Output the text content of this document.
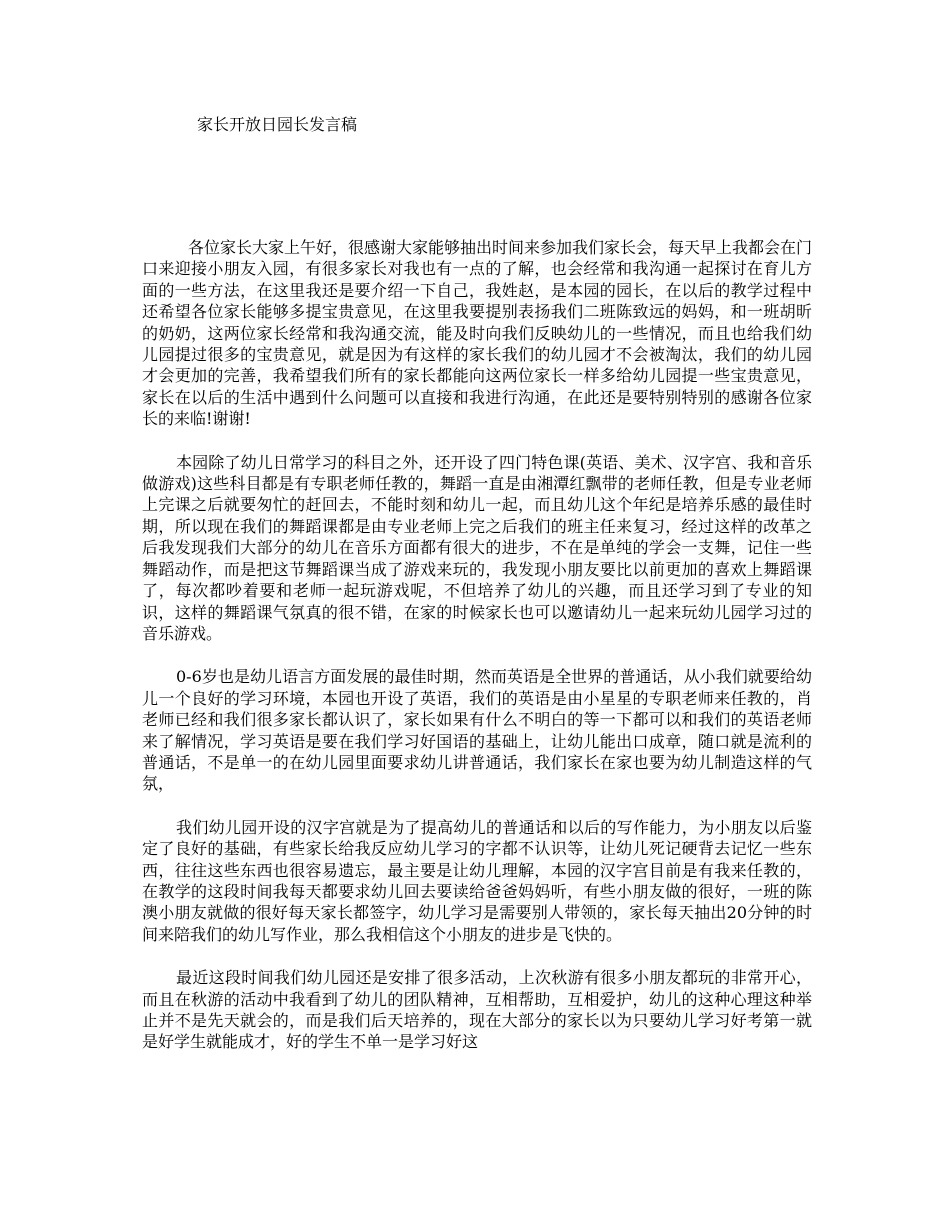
家长开放日园长发言稿

各位家长大家上午好，很感谢大家能够抽出时间来参加我们家长会，每天早上我都会在门口来迎接小朋友入园，有很多家长对我也有一点的了解，也会经常和我沟通一起探讨在育儿方面的一些方法，在这里我还是要介绍一下自己，我姓赵，是本园的园长，在以后的教学过程中还希望各位家长能够多提宝贵意见，在这里我要提别表扬我们二班陈致远的妈妈，和一班胡昕的奶奶，这两位家长经常和我沟通交流，能及时向我们反映幼儿的一些情况，而且也给我们幼儿园提过很多的宝贵意见，就是因为有这样的家长我们的幼儿园才不会被淘汰，我们的幼儿园才会更加的完善，我希望我们所有的家长都能向这两位家长一样多给幼儿园提一些宝贵意见，家长在以后的生活中遇到什么问题可以直接和我进行沟通，在此还是要特别特别的感谢各位家长的来临!谢谢!

本园除了幼儿日常学习的科目之外，还开设了四门特色课(英语、美术、汉字宫、我和音乐做游戏)这些科目都是有专职老师任教的，舞蹈一直是由湘潭红飘带的老师任教，但是专业老师上完课之后就要匆忙的赶回去，不能时刻和幼儿一起，而且幼儿这个年纪是培养乐感的最佳时期，所以现在我们的舞蹈课都是由专业老师上完之后我们的班主任来复习，经过这样的改革之后我发现我们大部分的幼儿在音乐方面都有很大的进步，不在是单纯的学会一支舞，记住一些舞蹈动作，而是把这节舞蹈课当成了游戏来玩的，我发现小朋友要比以前更加的喜欢上舞蹈课了，每次都吵着要和老师一起玩游戏呢，不但培养了幼儿的兴趣，而且还学习到了专业的知识，这样的舞蹈课气氛真的很不错，在家的时候家长也可以邀请幼儿一起来玩幼儿园学习过的音乐游戏。

0-6岁也是幼儿语言方面发展的最佳时期，然而英语是全世界的普通话，从小我们就要给幼儿一个良好的学习环境，本园也开设了英语，我们的英语是由小星星的专职老师来任教的，肖老师已经和我们很多家长都认识了，家长如果有什么不明白的等一下都可以和我们的英语老师来了解情况，学习英语是要在我们学习好国语的基础上，让幼儿能出口成章，随口就是流利的普通话，不是单一的在幼儿园里面要求幼儿讲普通话，我们家长在家也要为幼儿制造这样的气氛，

我们幼儿园开设的汉字宫就是为了提高幼儿的普通话和以后的写作能力，为小朋友以后鉴定了良好的基础，有些家长给我反应幼儿学习的字都不认识等，让幼儿死记硬背去记忆一些东西，往往这些东西也很容易遗忘，最主要是让幼儿理解，本园的汉字宫目前是有我来任教的，在教学的这段时间我每天都要求幼儿回去要读给爸爸妈妈听，有些小朋友做的很好，一班的陈澳小朋友就做的很好每天家长都签字，幼儿学习是需要别人带领的，家长每天抽出20分钟的时间来陪我们的幼儿写作业，那么我相信这个小朋友的进步是飞快的。

最近这段时间我们幼儿园还是安排了很多活动，上次秋游有很多小朋友都玩的非常开心，而且在秋游的活动中我看到了幼儿的团队精神，互相帮助，互相爱护，幼儿的这种心理这种举止并不是先天就会的，而是我们后天培养的，现在大部分的家长以为只要幼儿学习好考第一就是好学生就能成才，好的学生不单一是学习好这
